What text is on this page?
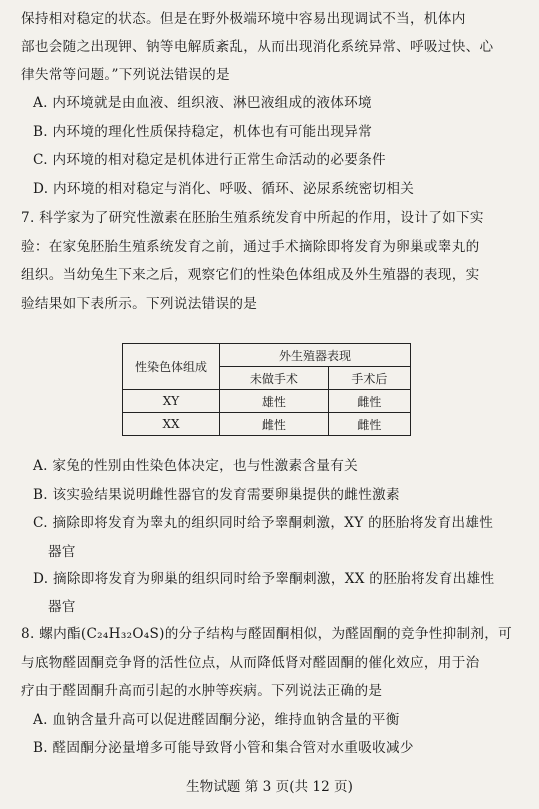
保持相对稳定的状态。但是在野外极端环境中容易出现调试不当，机体内
部也会随之出现钾、钠等电解质紊乱，从而出现消化系统异常、呼吸过快、心
律失常等问题。”下列说法错误的是
A. 内环境就是由血液、组织液、淋巴液组成的液体环境
B. 内环境的理化性质保持稳定，机体也有可能出现异常
C. 内环境的相对稳定是机体进行正常生命活动的必要条件
D. 内环境的相对稳定与消化、呼吸、循环、泌尿系统密切相关
7. 科学家为了研究性激素在胚胎生殖系统发育中所起的作用，设计了如下实
验：在家兔胚胎生殖系统发育之前，通过手术摘除即将发育为卵巢或睾丸的
组织。当幼兔生下来之后，观察它们的性染色体组成及外生殖器的表现，实
验结果如下表所示。下列说法错误的是
性染色体组成	外生殖器表现	
	未做手术	手术后
XY	雄性	雌性
XX	雌性	雌性
A. 家兔的性别由性染色体决定，也与性激素含量有关
B. 该实验结果说明雌性器官的发育需要卵巢提供的雌性激素
C. 摘除即将发育为睾丸的组织同时给予睾酮刺激，XY 的胚胎将发育出雄性
器官
D. 摘除即将发育为卵巢的组织同时给予睾酮刺激，XX 的胚胎将发育出雄性
器官
8. 螺内酯(C₂₄H₃₂O₄S)的分子结构与醛固酮相似，为醛固酮的竞争性抑制剂，可
与底物醛固酮竞争肾的活性位点，从而降低肾对醛固酮的催化效应，用于治
疗由于醛固酮升高而引起的水肿等疾病。下列说法正确的是
A. 血钠含量升高可以促进醛固酮分泌，维持血钠含量的平衡
B. 醛固酮分泌量增多可能导致肾小管和集合管对水重吸收减少
生物试题 第 3 页(共 12 页)
